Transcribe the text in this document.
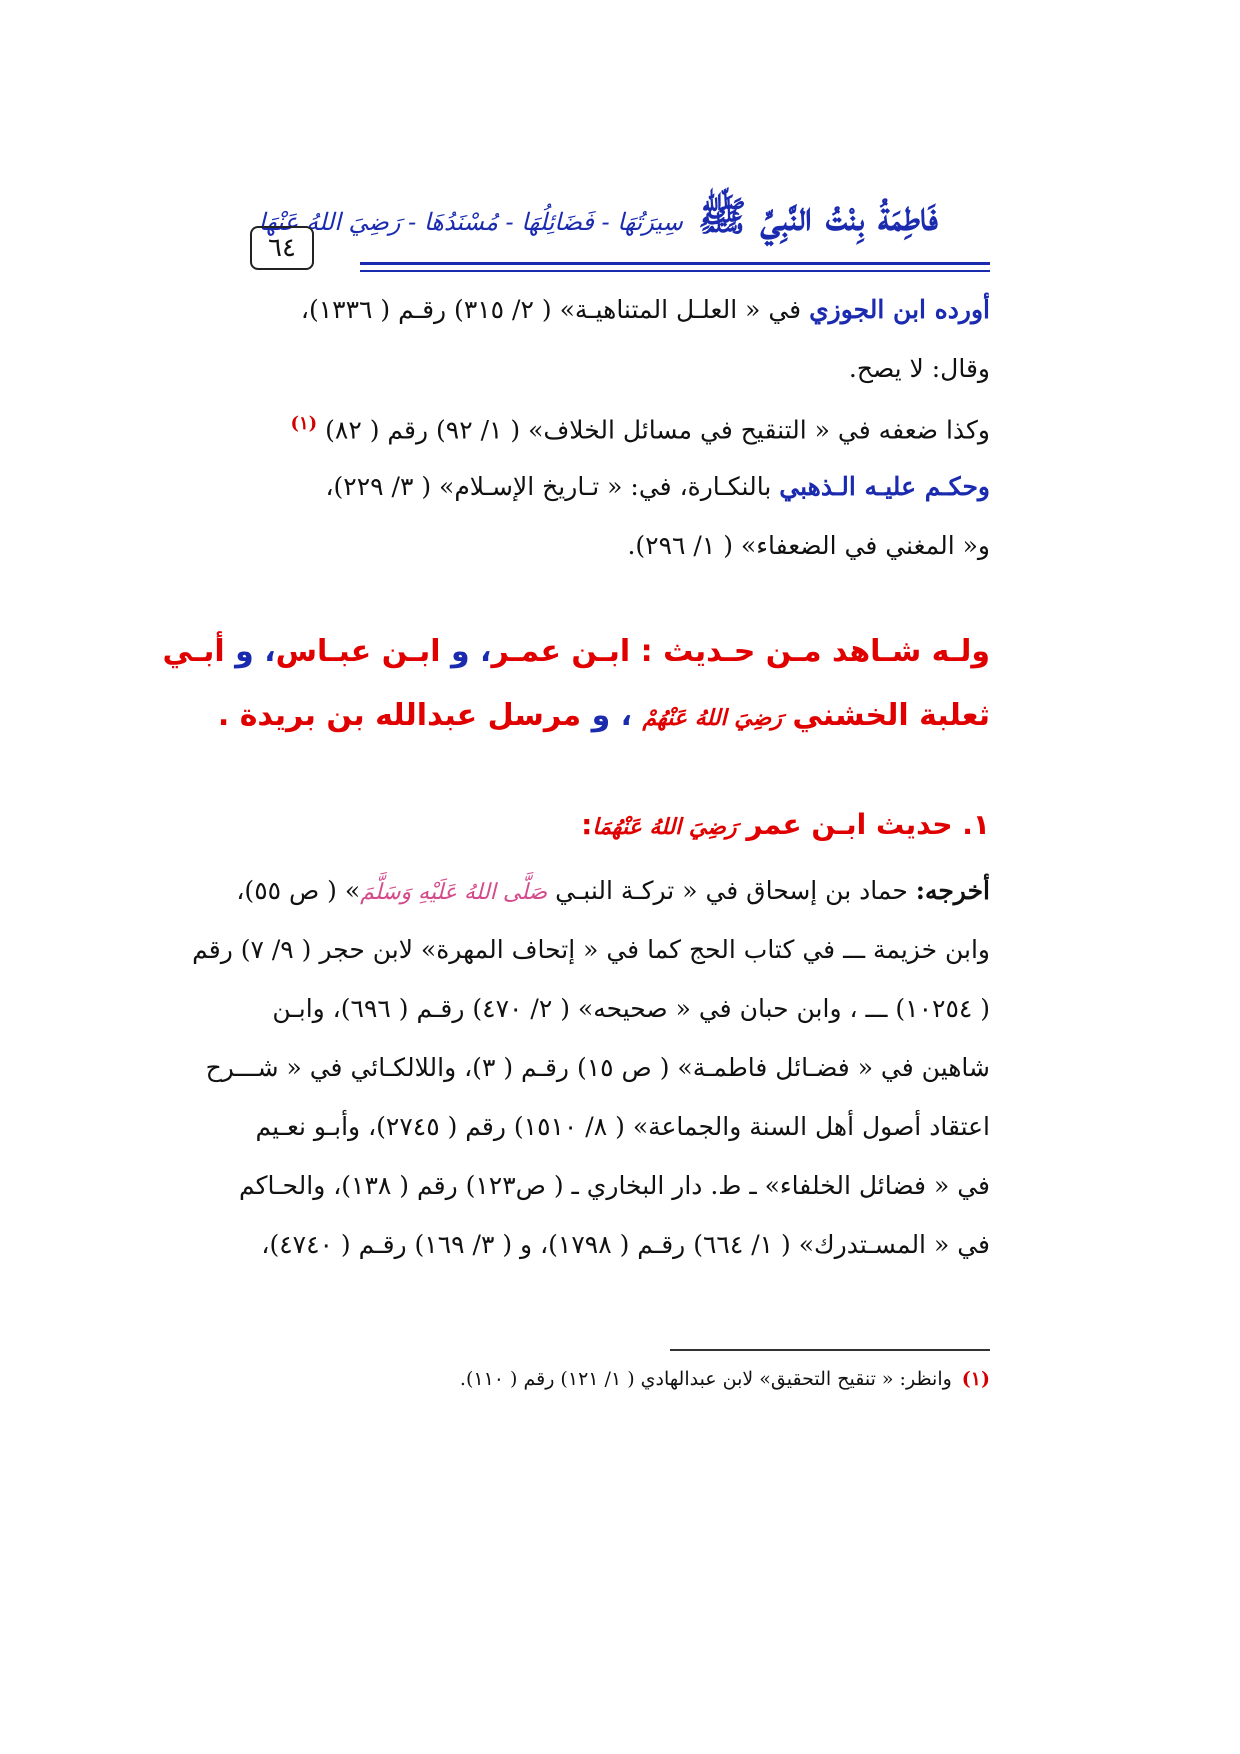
فَاطِمَةُ بِنْتُ النَّبِيِّ ﷺ سِيرَتُهَا - فَضَائِلُهَا - مُسْنَدُهَا - رَضِيَ اللهُ عَنْهَا
٦٤
أورده ابن الجوزي في « العلـل المتناهيـة» ( ٢/ ٣١٥) رقـم ( ١٣٣٦)،
وقال: لا يصح.
وكذا ضعفه في « التنقيح في مسائل الخلاف» ( ١/ ٩٢) رقم ( ٨٢) $^{(١)}$
وحكـم عليـه الـذهبي بالنكـارة، في: « تـاريخ الإسـلام» ( ٣/ ٢٢٩)،
و« المغني في الضعفاء» ( ١/ ٢٩٦).
ولـه شـاهد مـن حـديث : ابـن عمـر، و ابـن عبـاس، و أبـي
ثعلبة الخشني رَضِيَ اللهُ عَنْهُمْ ، و مرسل عبدالله بن بريدة .
١. حديث ابـن عمر رَضِيَ اللهُ عَنْهُمَا:
أخرجه: حماد بن إسحاق في « تركـة النبـي صَلَّى اللهُ عَلَيْهِ وَسَلَّمَ» ( ص ٥٥)،
وابن خزيمة ـــ في كتاب الحج كما في « إتحاف المهرة» لابن حجر ( ٩/ ٧) رقم
( ١٠٢٥٤) ـــ ، وابن حبان في « صحيحه» ( ٢/ ٤٧٠) رقـم ( ٦٩٦)، وابـن
شاهين في « فضـائل فاطمـة» ( ص ١٥) رقـم ( ٣)، واللالكـائي في « شـــرح
اعتقاد أصول أهل السنة والجماعة» ( ٨/ ١٥١٠) رقم ( ٢٧٤٥)، وأبـو نعـيم
في « فضائل الخلفاء» ـ ط. دار البخاري ـ ( ص١٢٣) رقم ( ١٣٨)، والحـاكم
في « المسـتدرك» ( ١/ ٦٦٤) رقـم ( ١٧٩٨)، و ( ٣/ ١٦٩) رقـم ( ٤٧٤٠)،
(١)وانظر: « تنقيح التحقيق» لابن عبدالهادي ( ١/ ١٢١) رقم ( ١١٠).
